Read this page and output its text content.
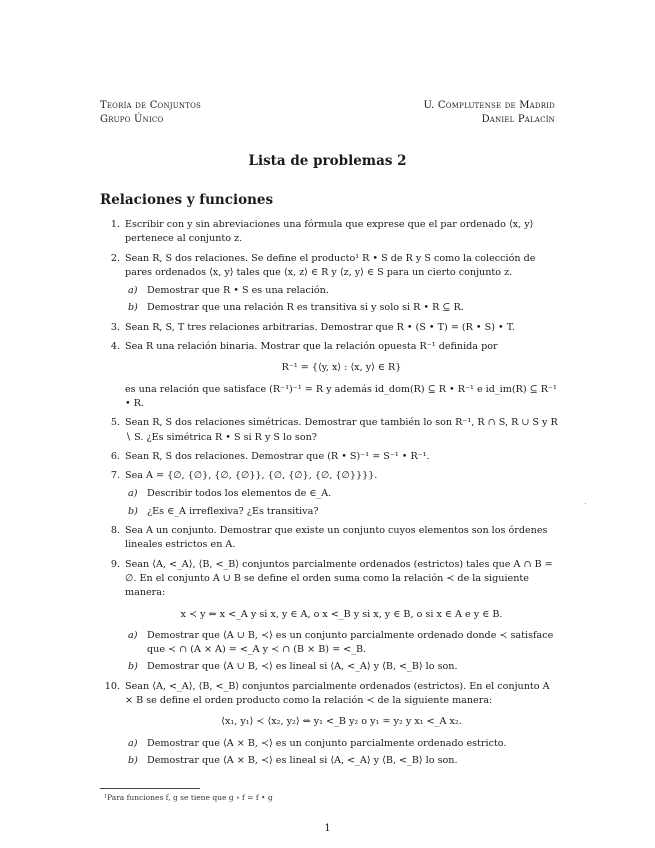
Teoría de Conjuntos
Grupo Único
U. Complutense de Madrid
Daniel Palacín
Lista de problemas 2
Relaciones y funciones
1. Escribir con y sin abreviaciones una fórmula que exprese que el par ordenado ⟨x, y⟩ pertenece al conjunto z.
2. Sean R, S dos relaciones. Se define el producto¹ R • S de R y S como la colección de pares ordenados ⟨x, y⟩ tales que ⟨x, z⟩ ∈ R y ⟨z, y⟩ ∈ S para un cierto conjunto z.
a) Demostrar que R • S es una relación.
b) Demostrar que una relación R es transitiva si y solo si R • R ⊆ R.
3. Sean R, S, T tres relaciones arbitrarias. Demostrar que R • (S • T) = (R • S) • T.
4. Sea R una relación binaria. Mostrar que la relación opuesta R⁻¹ definida por
R⁻¹ = {⟨y, x⟩ : ⟨x, y⟩ ∈ R}
es una relación que satisface (R⁻¹)⁻¹ = R y además id_dom(R) ⊆ R • R⁻¹ e id_im(R) ⊆ R⁻¹ • R.
5. Sean R, S dos relaciones simétricas. Demostrar que también lo son R⁻¹, R ∩ S, R ∪ S y R ∖ S. ¿Es simétrica R • S si R y S lo son?
6. Sean R, S dos relaciones. Demostrar que (R • S)⁻¹ = S⁻¹ • R⁻¹.
7. Sea A = {∅, {∅}, {∅, {∅}}, {∅, {∅}, {∅, {∅}}}}.
a) Describir todos los elementos de ∈_A.
b) ¿Es ∈_A irreflexiva? ¿Es transitiva?
8. Sea A un conjunto. Demostrar que existe un conjunto cuyos elementos son los órdenes lineales estrictos en A.
9. Sean ⟨A, <_A⟩, ⟨B, <_B⟩ conjuntos parcialmente ordenados (estrictos) tales que A ∩ B = ∅. En el conjunto A ∪ B se define el orden suma como la relación ≺ de la siguiente manera:
x ≺ y ⇔ x <_A y si x, y ∈ A, o x <_B y si x, y ∈ B, o si x ∈ A e y ∈ B.
a) Demostrar que ⟨A ∪ B, ≺⟩ es un conjunto parcialmente ordenado donde ≺ satisface que ≺ ∩ (A × A) = <_A y ≺ ∩ (B × B) = <_B.
b) Demostrar que ⟨A ∪ B, ≺⟩ es lineal si ⟨A, <_A⟩ y ⟨B, <_B⟩ lo son.
10. Sean ⟨A, <_A⟩, ⟨B, <_B⟩ conjuntos parcialmente ordenados (estrictos). En el conjunto A × B se define el orden producto como la relación ≺ de la siguiente manera:
⟨x₁, y₁⟩ ≺ ⟨x₂, y₂⟩ ⇔ y₁ <_B y₂ o y₁ = y₂ y x₁ <_A x₂.
a) Demostrar que ⟨A × B, ≺⟩ es un conjunto parcialmente ordenado estricto.
b) Demostrar que ⟨A × B, ≺⟩ es lineal si ⟨A, <_A⟩ y ⟨B, <_B⟩ lo son.
¹Para funciones f, g se tiene que g ∘ f = f • g
1
